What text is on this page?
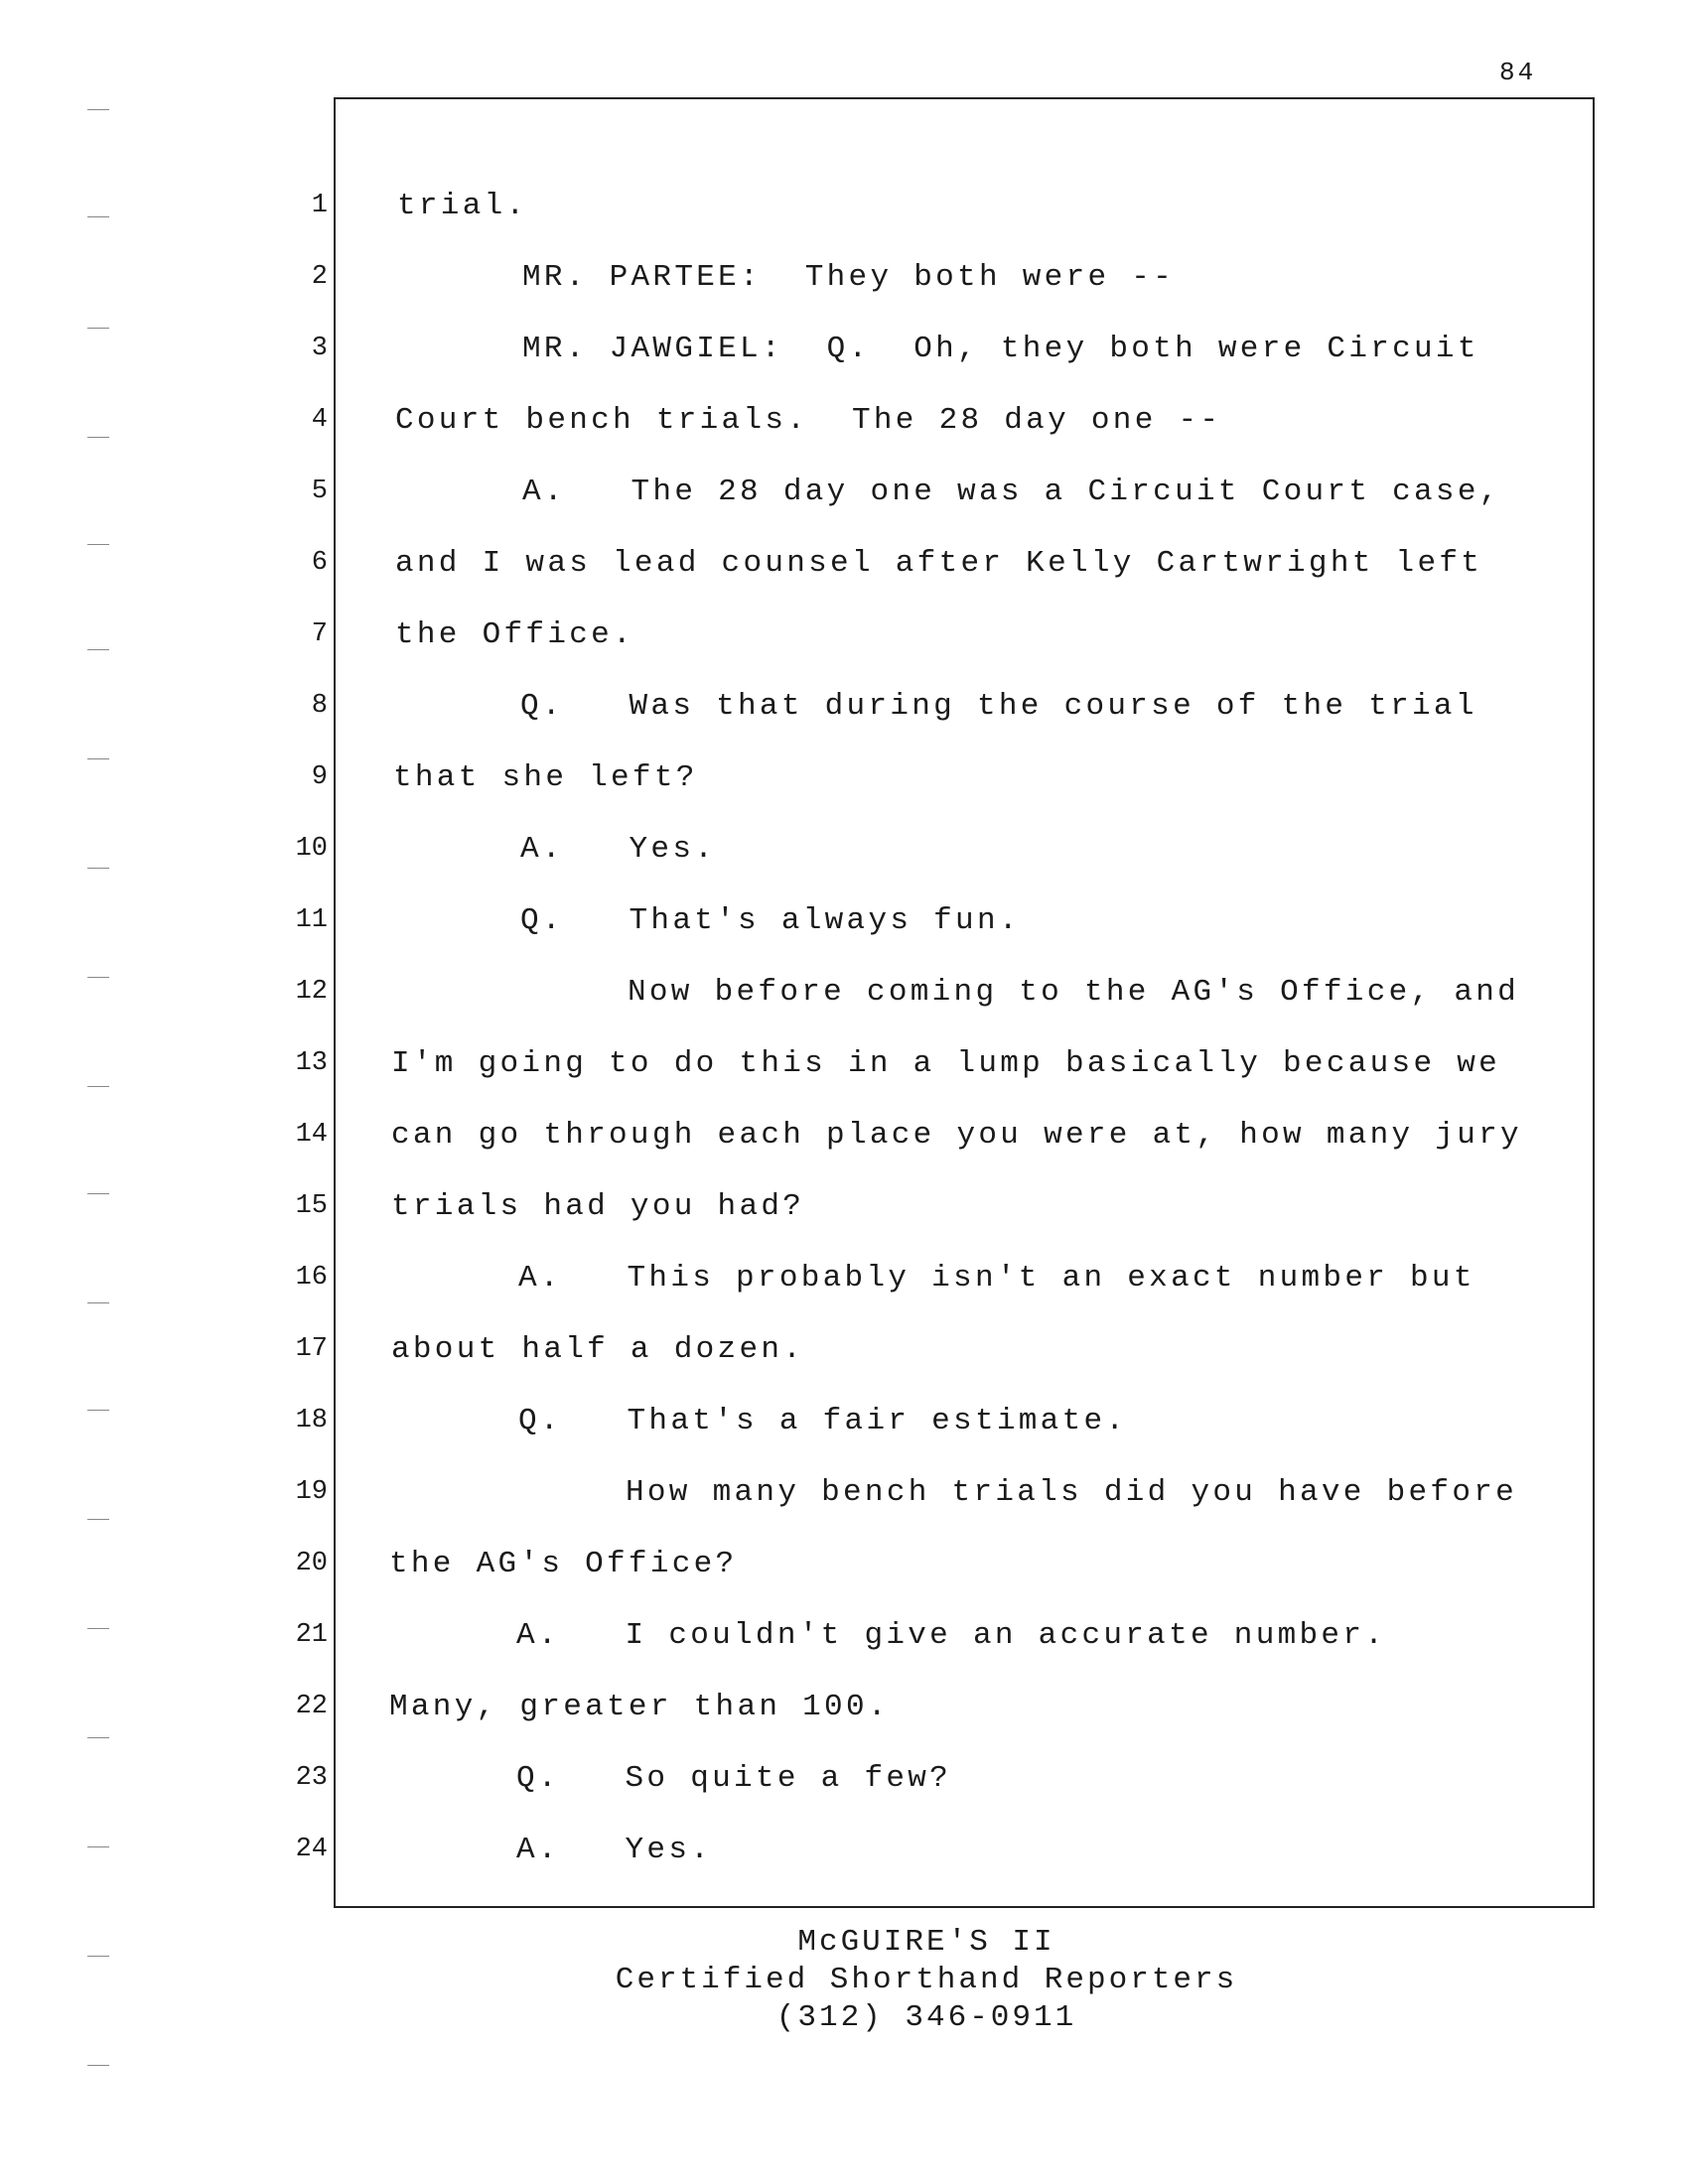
84
1
2
3
4
5
6
7
8
9
10
11
12
13
14
15
16
17
18
19
20
21
22
23
24
trial.
MR. PARTEE:  They both were --
MR. JAWGIEL:  Q.  Oh, they both were Circuit
Court bench trials.  The 28 day one --
A.   The 28 day one was a Circuit Court case,
and I was lead counsel after Kelly Cartwright left
the Office.
Q.   Was that during the course of the trial
that she left?
A.   Yes.
Q.   That's always fun.
Now before coming to the AG's Office, and
I'm going to do this in a lump basically because we
can go through each place you were at, how many jury
trials had you had?
A.   This probably isn't an exact number but
about half a dozen.
Q.   That's a fair estimate.
How many bench trials did you have before
the AG's Office?
A.   I couldn't give an accurate number.
Many, greater than 100.
Q.   So quite a few?
A.   Yes.
McGUIRE'S II
Certified Shorthand Reporters
(312) 346-0911
